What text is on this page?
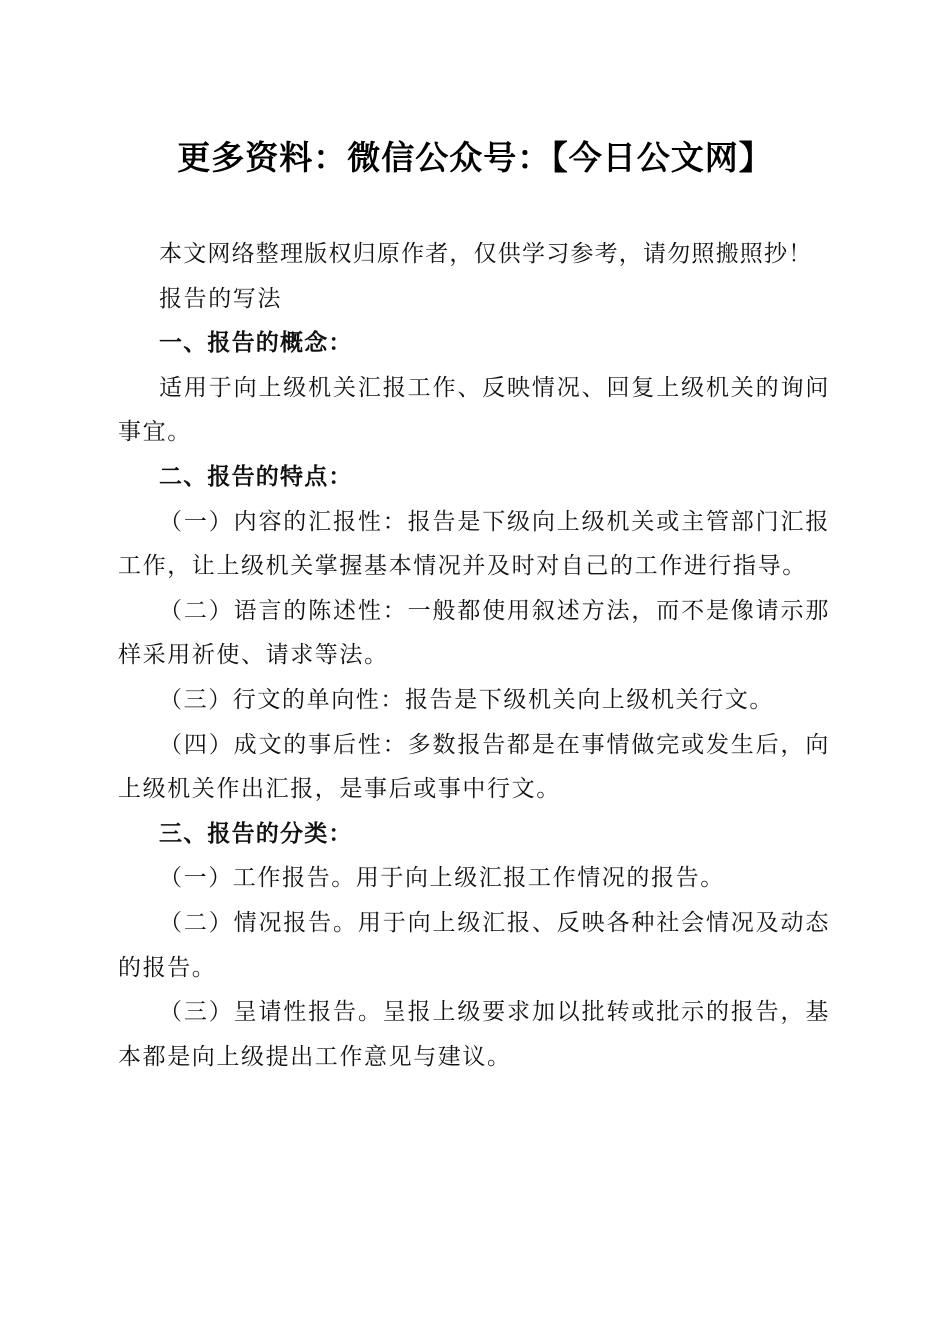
更多资料：微信公众号：【今日公文网】

本文网络整理版权归原作者，仅供学习参考，请勿照搬照抄！

报告的写法

一、报告的概念：

适用于向上级机关汇报工作、反映情况、回复上级机关的询问事宜。

二、报告的特点：

（一）内容的汇报性：报告是下级向上级机关或主管部门汇报工作，让上级机关掌握基本情况并及时对自己的工作进行指导。

（二）语言的陈述性：一般都使用叙述方法，而不是像请示那样采用祈使、请求等法。

（三）行文的单向性：报告是下级机关向上级机关行文。

（四）成文的事后性：多数报告都是在事情做完或发生后，向上级机关作出汇报，是事后或事中行文。

三、报告的分类：

（一）工作报告。用于向上级汇报工作情况的报告。

（二）情况报告。用于向上级汇报、反映各种社会情况及动态的报告。

（三）呈请性报告。呈报上级要求加以批转或批示的报告，基本都是向上级提出工作意见与建议。
